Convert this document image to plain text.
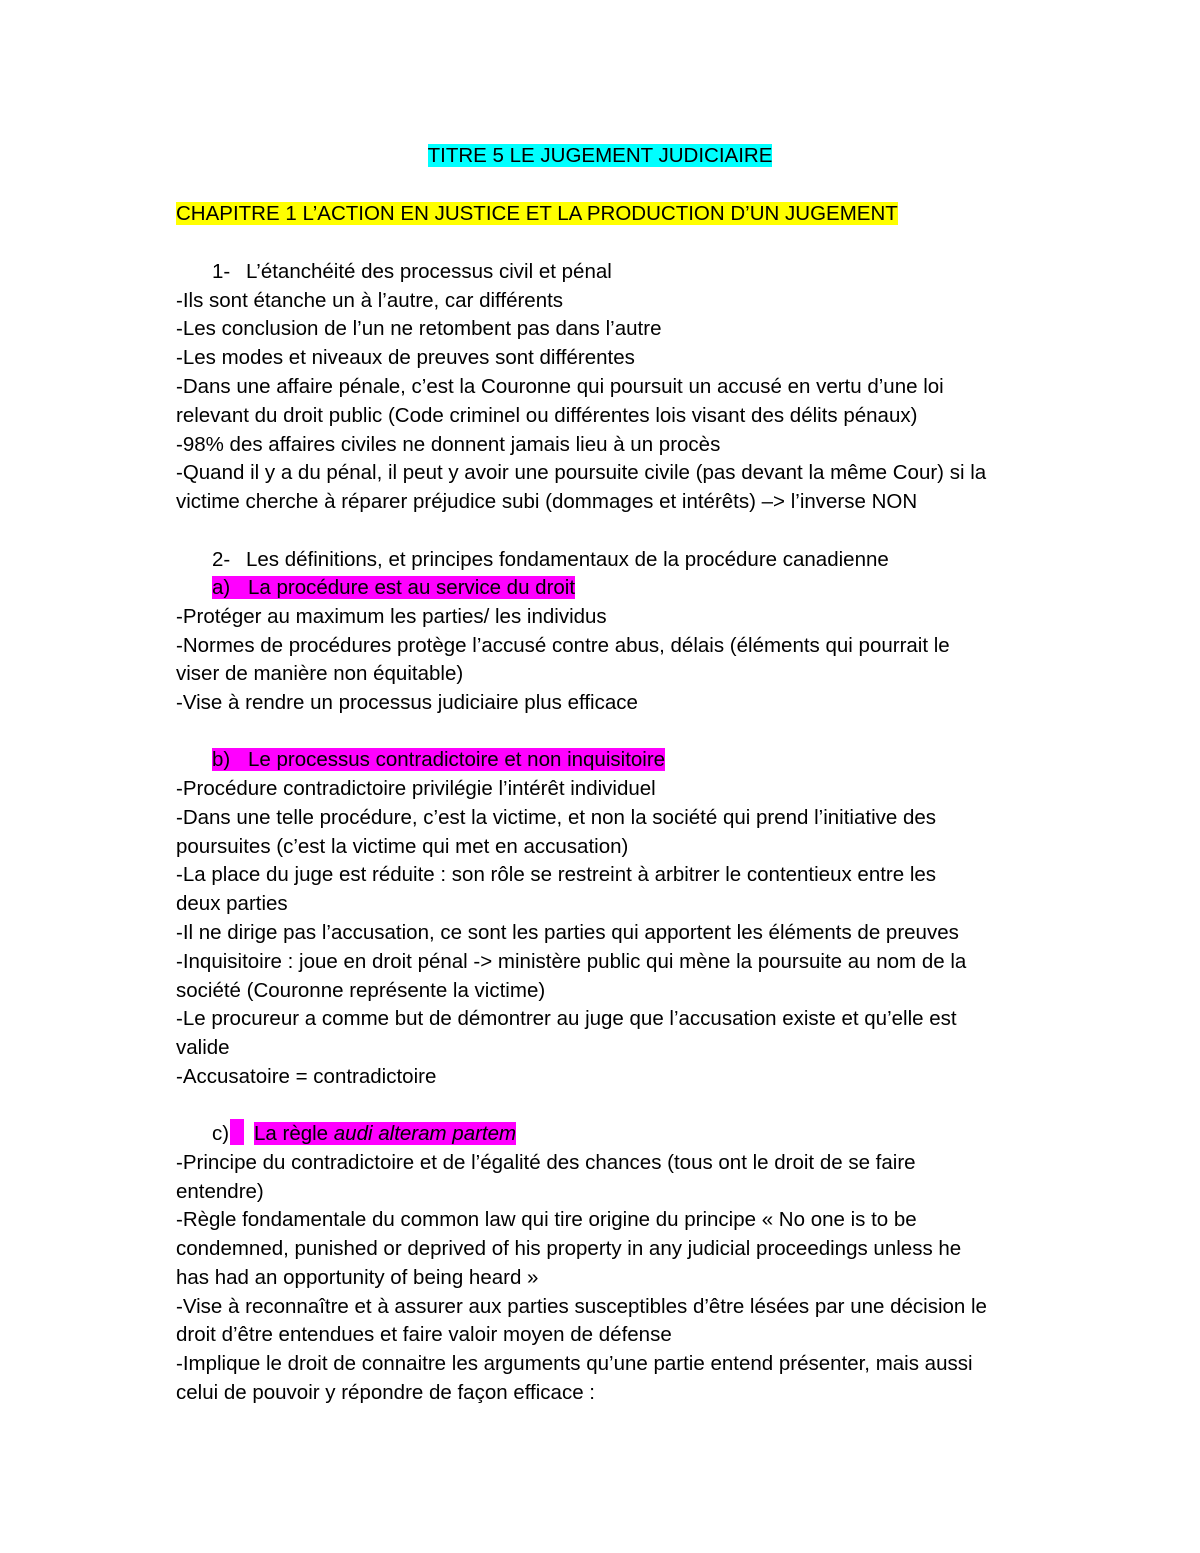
TITRE 5 LE JUGEMENT JUDICIAIRE

CHAPITRE 1 L’ACTION EN JUSTICE ET LA PRODUCTION D’UN JUGEMENT

1- L’étanchéité des processus civil et pénal

-Ils sont étanche un à l’autre, car différents

-Les conclusion de l’un ne retombent pas dans l’autre

-Les modes et niveaux de preuves sont différentes

-Dans une affaire pénale, c’est la Couronne qui poursuit un accusé en vertu d’une loi

relevant du droit public (Code criminel ou différentes lois visant des délits pénaux)

-98% des affaires civiles ne donnent jamais lieu à un procès

-Quand il y a du pénal, il peut y avoir une poursuite civile (pas devant la même Cour) si la

victime cherche à réparer préjudice subi (dommages et intérêts) –> l’inverse NON

2- Les définitions, et principes fondamentaux de la procédure canadienne

a) La procédure est au service du droit

-Protéger au maximum les parties/ les individus

-Normes de procédures protège l’accusé contre abus, délais (éléments qui pourrait le

viser de manière non équitable)

-Vise à rendre un processus judiciaire plus efficace

b) Le processus contradictoire et non inquisitoire

-Procédure contradictoire privilégie l’intérêt individuel

-Dans une telle procédure, c’est la victime, et non la société qui prend l’initiative des

poursuites (c’est la victime qui met en accusation)

-La place du juge est réduite : son rôle se restreint à arbitrer le contentieux entre les

deux parties

-Il ne dirige pas l’accusation, ce sont les parties qui apportent les éléments de preuves

-Inquisitoire : joue en droit pénal -> ministère public qui mène la poursuite au nom de la

société (Couronne représente la victime)

-Le procureur a comme but de démontrer au juge que l’accusation existe et qu’elle est

valide

-Accusatoire = contradictoire

c) La règle audi alteram partem

-Principe du contradictoire et de l’égalité des chances (tous ont le droit de se faire

entendre)

-Règle fondamentale du common law qui tire origine du principe « No one is to be

condemned, punished or deprived of his property in any judicial proceedings unless he

has had an opportunity of being heard »

-Vise à reconnaître et à assurer aux parties susceptibles d’être lésées par une décision le

droit d’être entendues et faire valoir moyen de défense

-Implique le droit de connaitre les arguments qu’une partie entend présenter, mais aussi

celui de pouvoir y répondre de façon efficace :
